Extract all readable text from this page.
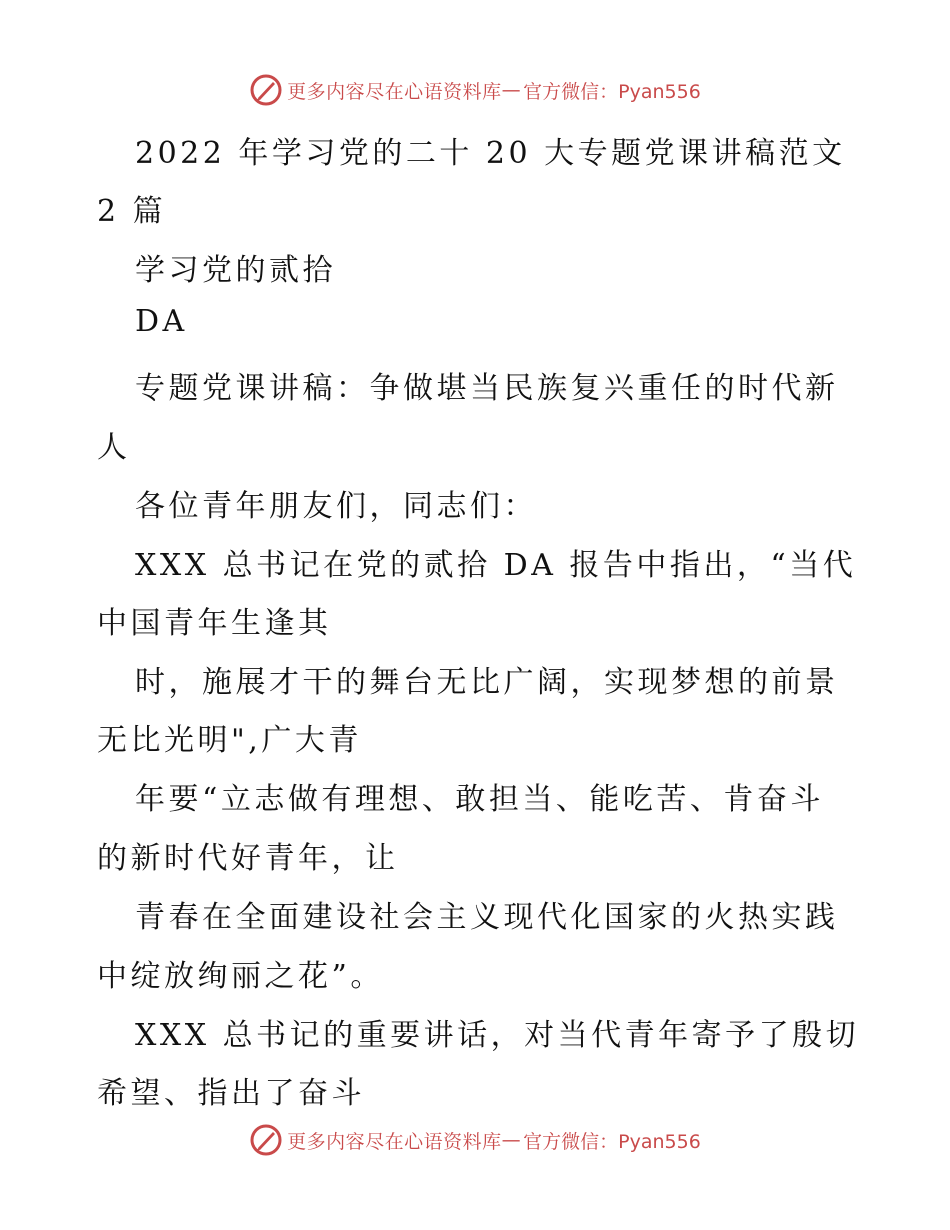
更多内容尽在心语资料库 — 官方微信：Pyan556
2022 年学习党的二十 20 大专题党课讲稿范文
2 篇
学习党的贰拾
DA
专题党课讲稿：争做堪当民族复兴重任的时代新
人
各位青年朋友们，同志们：
XXX 总书记在党的贰拾 DA 报告中指出，“当代
中国青年生逢其
时，施展才干的舞台无比广阔，实现梦想的前景
无比光明",广大青
年要“立志做有理想、敢担当、能吃苦、肯奋斗
的新时代好青年，让
青春在全面建设社会主义现代化国家的火热实践
中绽放绚丽之花”。
XXX 总书记的重要讲话，对当代青年寄予了殷切
希望、指出了奋斗
更多内容尽在心语资料库 — 官方微信：Pyan556
